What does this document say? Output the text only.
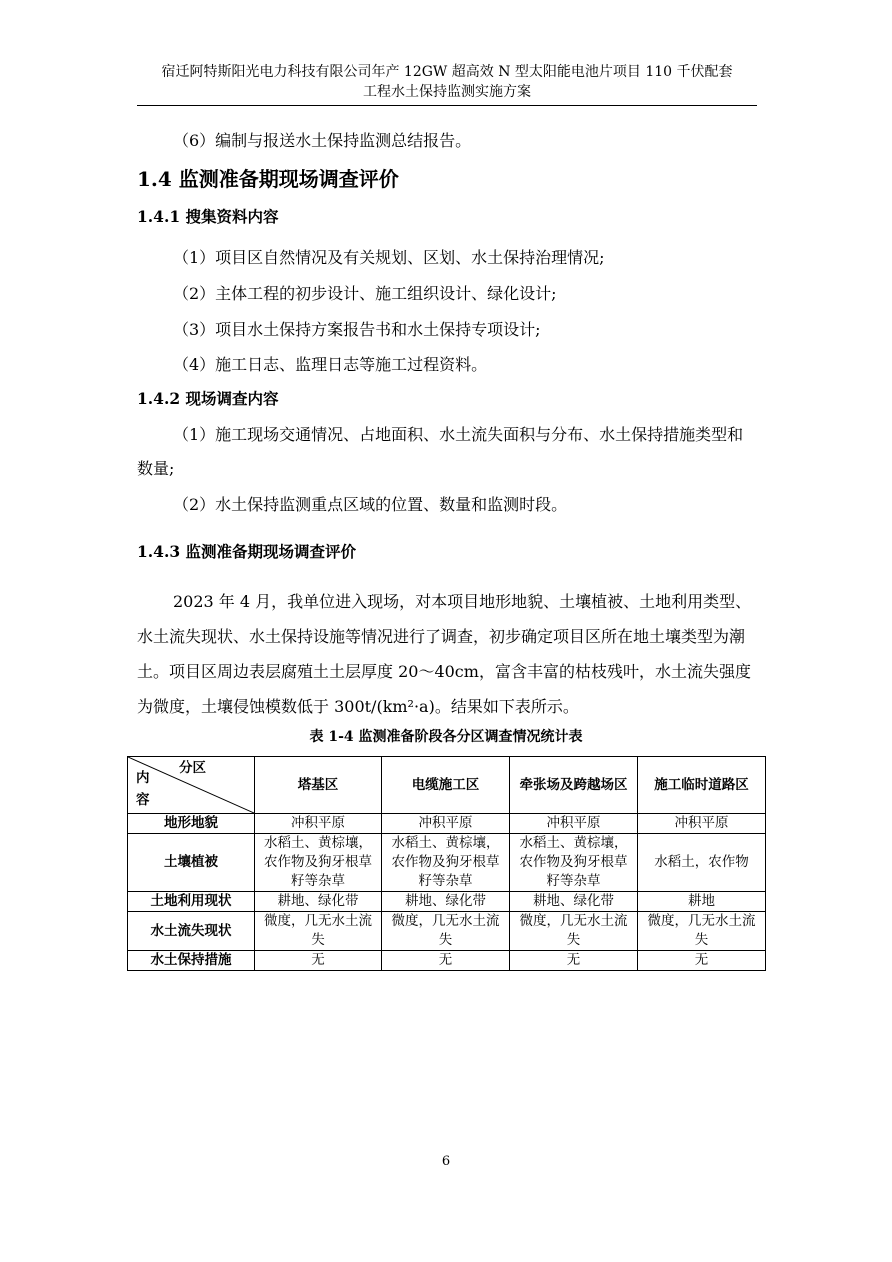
宿迁阿特斯阳光电力科技有限公司年产 12GW 超高效 N 型太阳能电池片项目 110 千伏配套
工程水土保持监测实施方案
（6）编制与报送水土保持监测总结报告。
1.4 监测准备期现场调查评价
1.4.1 搜集资料内容
（1）项目区自然情况及有关规划、区划、水土保持治理情况;
（2）主体工程的初步设计、施工组织设计、绿化设计;
（3）项目水土保持方案报告书和水土保持专项设计;
（4）施工日志、监理日志等施工过程资料。
1.4.2 现场调查内容
（1）施工现场交通情况、占地面积、水土流失面积与分布、水土保持措施类型和数量;
（2）水土保持监测重点区域的位置、数量和监测时段。
1.4.3 监测准备期现场调查评价
2023 年 4 月，我单位进入现场，对本项目地形地貌、土壤植被、土地利用类型、水土流失现状、水土保持设施等情况进行了调查，初步确定项目区所在地土壤类型为潮土。项目区周边表层腐殖土土层厚度 20～40cm，富含丰富的枯枝残叶，水土流失强度为微度，土壤侵蚀模数低于 300t/(km²·a)。结果如下表所示。
表 1-4 监测准备阶段各分区调查情况统计表
分区
内
容	塔基区	电缆施工区	牵张场及跨越场区	施工临时道路区
地形地貌	冲积平原	冲积平原	冲积平原	冲积平原
土壤植被	水稻土、黄棕壤，农作物及狗牙根草籽等杂草	水稻土、黄棕壤，农作物及狗牙根草籽等杂草	水稻土、黄棕壤，农作物及狗牙根草籽等杂草	水稻土，农作物
土地利用现状	耕地、绿化带	耕地、绿化带	耕地、绿化带	耕地
水土流失现状	微度，几无水土流失	微度，几无水土流失	微度，几无水土流失	微度，几无水土流失
水土保持措施	无	无	无	无
6
